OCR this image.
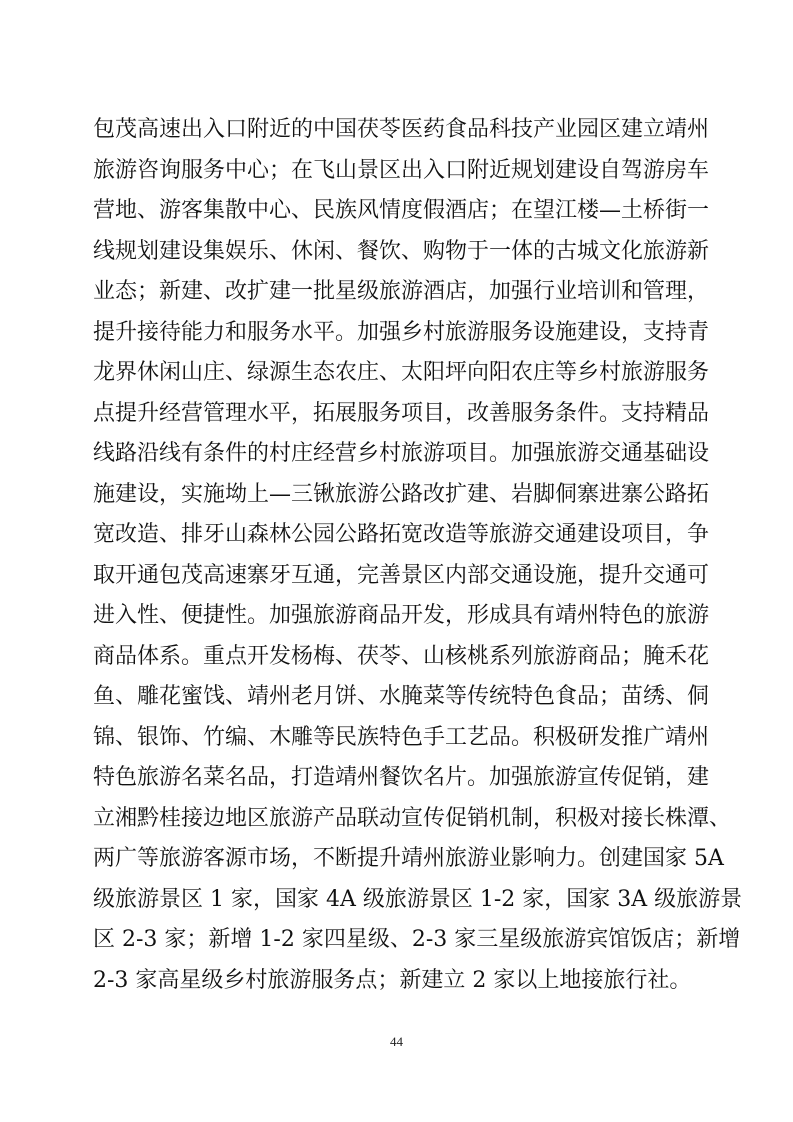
包茂高速出入口附近的中国茯苓医药食品科技产业园区建立靖州
旅游咨询服务中心；在飞山景区出入口附近规划建设自驾游房车
营地、游客集散中心、民族风情度假酒店；在望江楼—土桥街一
线规划建设集娱乐、休闲、餐饮、购物于一体的古城文化旅游新
业态；新建、改扩建一批星级旅游酒店，加强行业培训和管理，
提升接待能力和服务水平。加强乡村旅游服务设施建设，支持青
龙界休闲山庄、绿源生态农庄、太阳坪向阳农庄等乡村旅游服务
点提升经营管理水平，拓展服务项目，改善服务条件。支持精品
线路沿线有条件的村庄经营乡村旅游项目。加强旅游交通基础设
施建设，实施坳上—三锹旅游公路改扩建、岩脚侗寨进寨公路拓
宽改造、排牙山森林公园公路拓宽改造等旅游交通建设项目，争
取开通包茂高速寨牙互通，完善景区内部交通设施，提升交通可
进入性、便捷性。加强旅游商品开发，形成具有靖州特色的旅游
商品体系。重点开发杨梅、茯苓、山核桃系列旅游商品；腌禾花
鱼、雕花蜜饯、靖州老月饼、水腌菜等传统特色食品；苗绣、侗
锦、银饰、竹编、木雕等民族特色手工艺品。积极研发推广靖州
特色旅游名菜名品，打造靖州餐饮名片。加强旅游宣传促销，建
立湘黔桂接边地区旅游产品联动宣传促销机制，积极对接长株潭、
两广等旅游客源市场，不断提升靖州旅游业影响力。创建国家 5A
级旅游景区 1 家，国家 4A 级旅游景区 1-2 家，国家 3A 级旅游景
区 2-3 家；新增 1-2 家四星级、2-3 家三星级旅游宾馆饭店；新增
2-3 家高星级乡村旅游服务点；新建立 2 家以上地接旅行社。
44
